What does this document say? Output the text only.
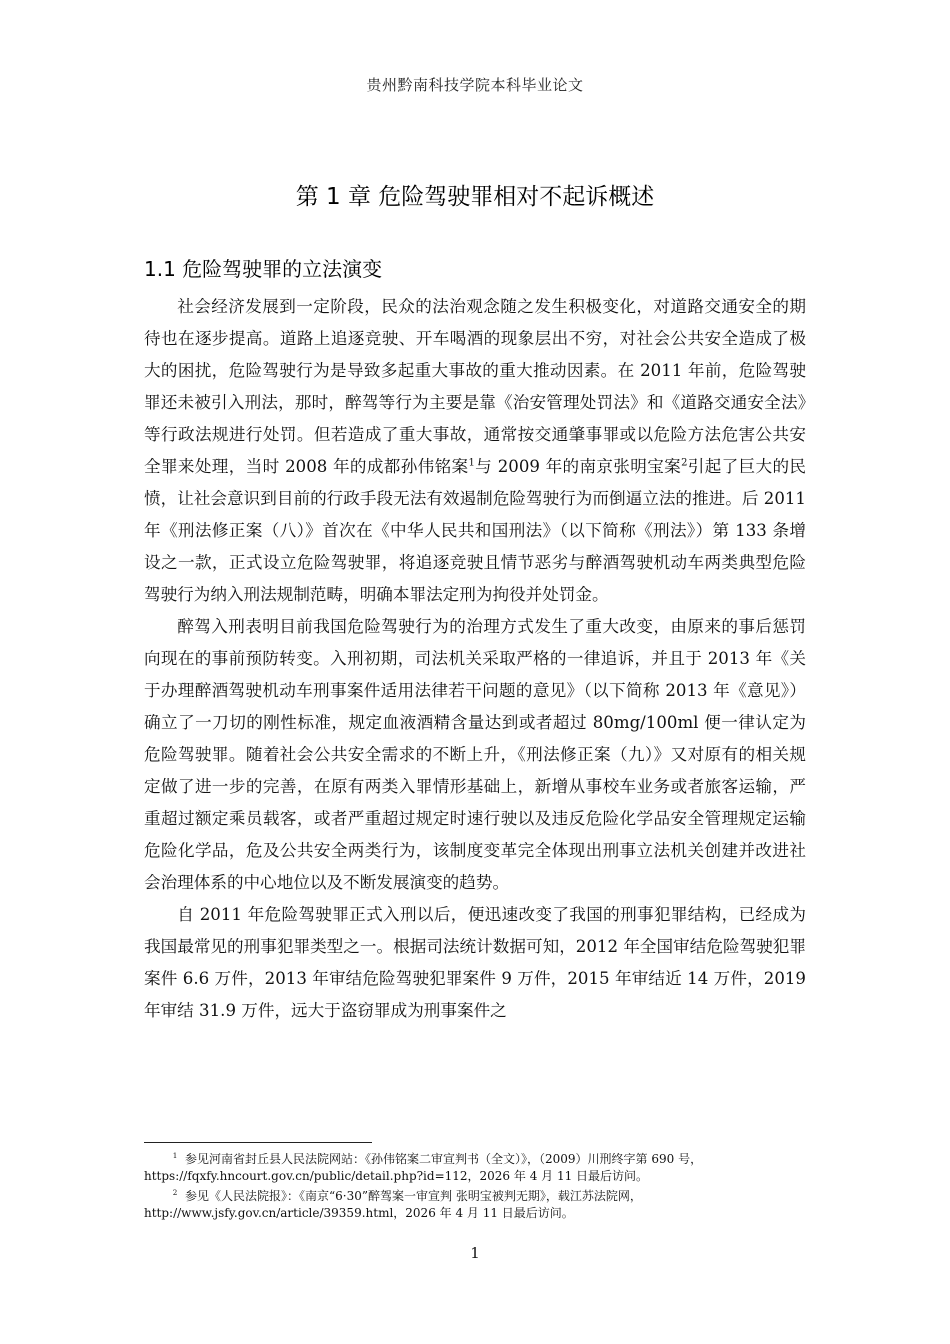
贵州黔南科技学院本科毕业论文
第 1 章 危险驾驶罪相对不起诉概述
1.1 危险驾驶罪的立法演变

社会经济发展到一定阶段，民众的法治观念随之发生积极变化，对道路交通安全的期待也在逐步提高。道路上追逐竞驶、开车喝酒的现象层出不穷，对社会公共安全造成了极大的困扰，危险驾驶行为是导致多起重大事故的重大推动因素。在 2011 年前，危险驾驶罪还未被引入刑法，那时，醉驾等行为主要是靠《治安管理处罚法》和《道路交通安全法》等行政法规进行处罚。但若造成了重大事故，通常按交通肇事罪或以危险方法危害公共安全罪来处理，当时 2008 年的成都孙伟铭案$^1$与 2009 年的南京张明宝案$^2$引起了巨大的民愤，让社会意识到目前的行政手段无法有效遏制危险驾驶行为而倒逼立法的推进。后 2011 年《刑法修正案（八）》首次在《中华人民共和国刑法》（以下简称《刑法》）第 133 条增设之一款，正式设立危险驾驶罪，将追逐竞驶且情节恶劣与醉酒驾驶机动车两类典型危险驾驶行为纳入刑法规制范畴，明确本罪法定刑为拘役并处罚金。

醉驾入刑表明目前我国危险驾驶行为的治理方式发生了重大改变，由原来的事后惩罚向现在的事前预防转变。入刑初期，司法机关采取严格的一律追诉，并且于 2013 年《关于办理醉酒驾驶机动车刑事案件适用法律若干问题的意见》（以下简称 2013 年《意见》）确立了一刀切的刚性标准，规定血液酒精含量达到或者超过 80mg/100ml 便一律认定为危险驾驶罪。随着社会公共安全需求的不断上升，《刑法修正案（九）》又对原有的相关规定做了进一步的完善，在原有两类入罪情形基础上，新增从事校车业务或者旅客运输，严重超过额定乘员载客，或者严重超过规定时速行驶以及违反危险化学品安全管理规定运输危险化学品，危及公共安全两类行为，该制度变革完全体现出刑事立法机关创建并改进社会治理体系的中心地位以及不断发展演变的趋势。

自 2011 年危险驾驶罪正式入刑以后，便迅速改变了我国的刑事犯罪结构，已经成为我国最常见的刑事犯罪类型之一。根据司法统计数据可知，2012 年全国审结危险驾驶犯罪案件 6.6 万件，2013 年审结危险驾驶犯罪案件 9 万件，2015 年审结近 14 万件，2019 年审结 31.9 万件，远大于盗窃罪成为刑事案件之

$^1$ 参见河南省封丘县人民法院网站：《孙伟铭案二审宣判书（全文）》，（2009）川刑终字第 690 号，https://fqxfy.hncourt.gov.cn/public/detail.php?id=112，2026 年 4 月 11 日最后访问。

$^2$ 参见《人民法院报》：《南京“6·30”醉驾案一审宣判 张明宝被判无期》，载江苏法院网，http://www.jsfy.gov.cn/article/39359.html，2026 年 4 月 11 日最后访问。

1
